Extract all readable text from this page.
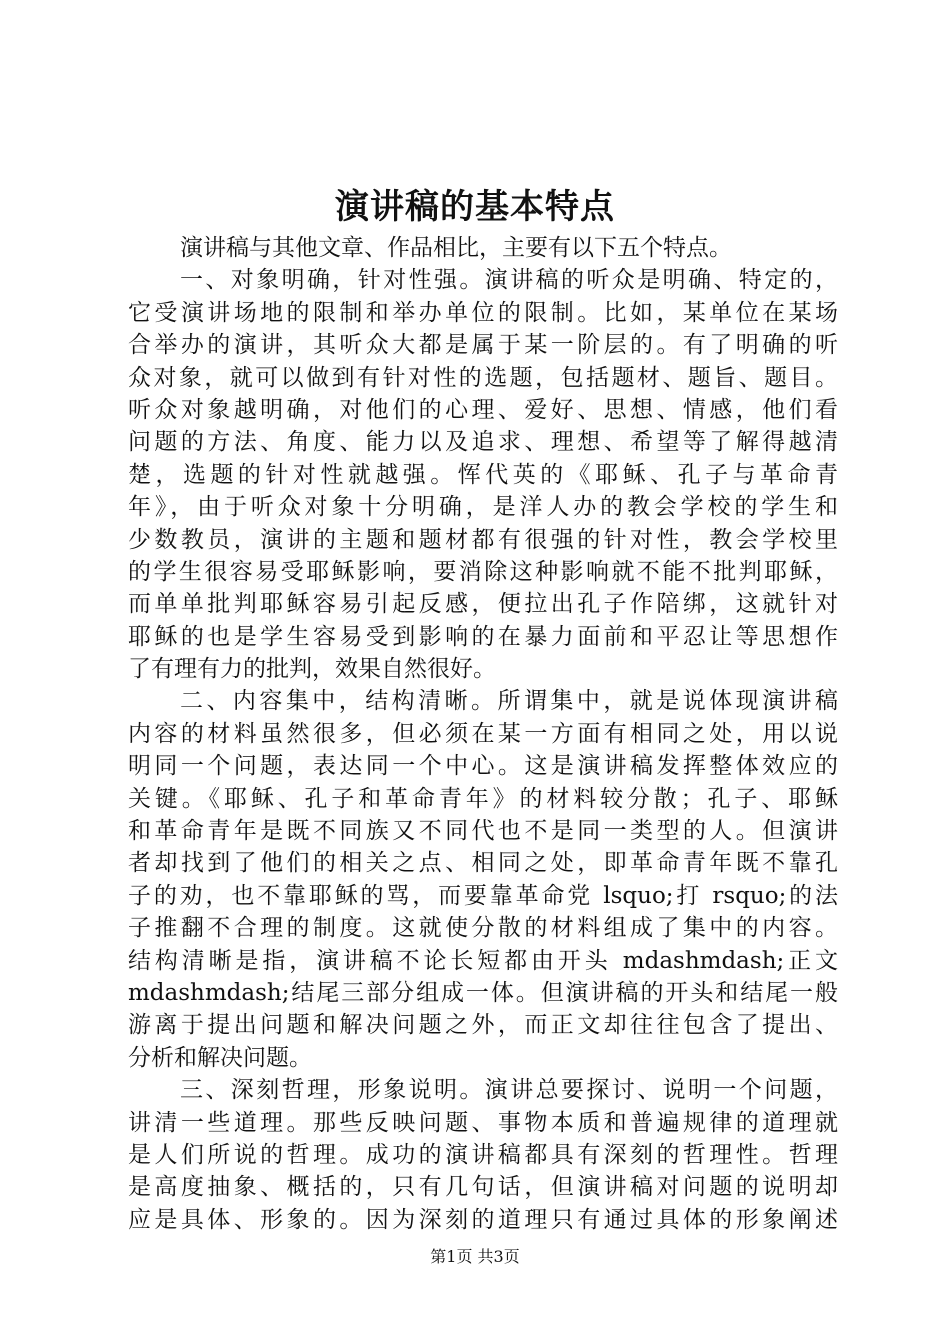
演讲稿的基本特点
演讲稿与其他文章、作品相比，主要有以下五个特点。
一、对象明确，针对性强。演讲稿的听众是明确、特定的，
它受演讲场地的限制和举办单位的限制。比如，某单位在某场
合举办的演讲，其听众大都是属于某一阶层的。有了明确的听
众对象，就可以做到有针对性的选题，包括题材、题旨、题目。
听众对象越明确，对他们的心理、爱好、思想、情感，他们看
问题的方法、角度、能力以及追求、理想、希望等了解得越清
楚，选题的针对性就越强。恽代英的《耶稣、孔子与革命青
年》，由于听众对象十分明确，是洋人办的教会学校的学生和
少数教员，演讲的主题和题材都有很强的针对性，教会学校里
的学生很容易受耶稣影响，要消除这种影响就不能不批判耶稣，
而单单批判耶稣容易引起反感，便拉出孔子作陪绑，这就针对
耶稣的也是学生容易受到影响的在暴力面前和平忍让等思想作
了有理有力的批判，效果自然很好。
二、内容集中，结构清晰。所谓集中，就是说体现演讲稿
内容的材料虽然很多，但必须在某一方面有相同之处，用以说
明同一个问题，表达同一个中心。这是演讲稿发挥整体效应的
关键。《耶稣、孔子和革命青年》的材料较分散；孔子、耶稣
和革命青年是既不同族又不同代也不是同一类型的人。但演讲
者却找到了他们的相关之点、相同之处，即革命青年既不靠孔
子的劝，也不靠耶稣的骂，而要靠革命党 lsquo;打 rsquo;的法
子推翻不合理的制度。这就使分散的材料组成了集中的内容。
结构清晰是指，演讲稿不论长短都由开头 mdashmdash;正文
mdashmdash;结尾三部分组成一体。但演讲稿的开头和结尾一般
游离于提出问题和解决问题之外，而正文却往往包含了提出、
分析和解决问题。
三、深刻哲理，形象说明。演讲总要探讨、说明一个问题，
讲清一些道理。那些反映问题、事物本质和普遍规律的道理就
是人们所说的哲理。成功的演讲稿都具有深刻的哲理性。哲理
是高度抽象、概括的，只有几句话，但演讲稿对问题的说明却
应是具体、形象的。因为深刻的道理只有通过具体的形象阐述
第1页 共3页
